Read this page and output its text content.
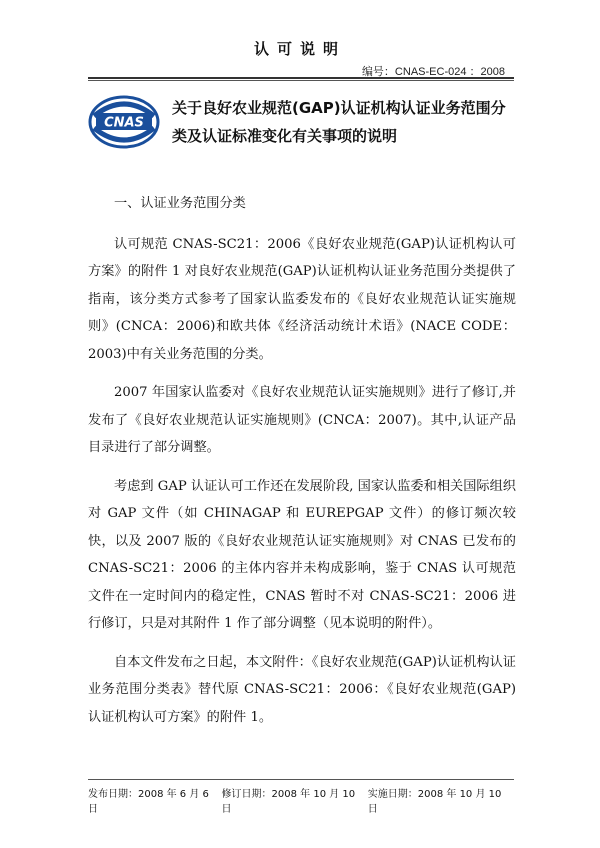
认可说明
编号：CNAS-EC-024 ：2008
CNAS
关于良好农业规范(GAP)认证机构认证业务范围分类及认证标准变化有关事项的说明

一、认证业务范围分类

认可规范 CNAS-SC21：2006《良好农业规范(GAP)认证机构认可方案》的附件 1 对良好农业规范(GAP)认证机构认证业务范围分类提供了指南，该分类方式参考了国家认监委发布的《良好农业规范认证实施规则》(CNCA：2006)和欧共体《经济活动统计术语》(NACE CODE：2003)中有关业务范围的分类。

2007 年国家认监委对《良好农业规范认证实施规则》进行了修订,并发布了《良好农业规范认证实施规则》(CNCA：2007)。其中,认证产品目录进行了部分调整。

考虑到 GAP 认证认可工作还在发展阶段, 国家认监委和相关国际组织对 GAP 文件（如 CHINAGAP 和 EUREPGAP 文件）的修订频次较快，以及 2007 版的《良好农业规范认证实施规则》对 CNAS 已发布的 CNAS-SC21：2006 的主体内容并未构成影响，鉴于 CNAS 认可规范文件在一定时间内的稳定性，CNAS 暂时不对 CNAS-SC21：2006 进行修订，只是对其附件 1 作了部分调整（见本说明的附件）。

自本文件发布之日起，本文附件：《良好农业规范(GAP)认证机构认证业务范围分类表》替代原 CNAS-SC21：2006：《良好农业规范(GAP)认证机构认可方案》的附件 1。

发布日期：2008 年 6 月 6 日
修订日期：2008 年 10 月 10 日
实施日期：2008 年 10 月 10 日
